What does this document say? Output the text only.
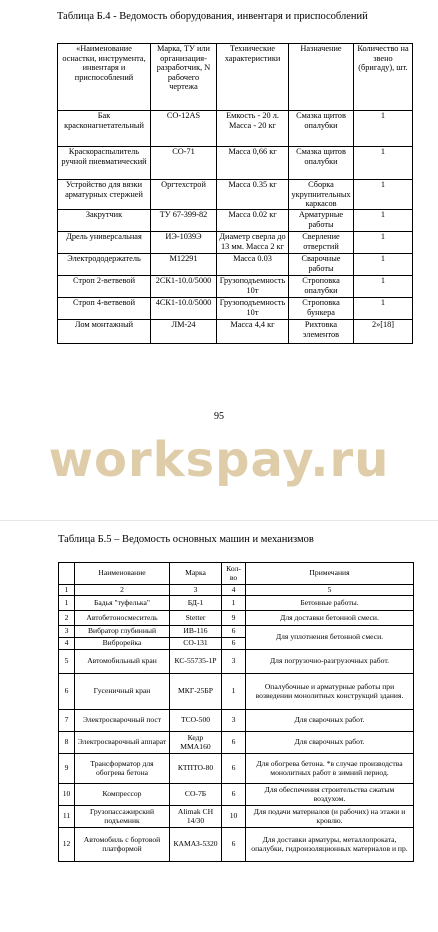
Таблица Б.4 - Ведомость оборудования, инвентаря и приспособлений
«Наименование оснастки, инструмента, инвентаря и приспособлений	Марка, ТУ или организация-разработчик, N рабочего чертежа	Технические характеристики	Назначение	Количество на звено (бригаду), шт.
Бак красконагнетательный	СО-12АS	Емкость - 20 л. Масса - 20 кг	Смазка щитов опалубки	1
Краскораспылитель ручной пневматический	СО-71	Масса 0,66 кг	Смазка щитов опалубки	1
Устройство для вязки арматурных стержней	Оргтехстрой	Масса 0.35 кг	Сборка укрупнительных каркасов	1
Закрутчик	ТУ 67-399-82	Масса 0.02 кг	Арматурные работы	1
Дрель универсальная	ИЭ-1039Э	Диаметр сверла до 13 мм. Масса 2 кг	Сверление отверстий	1
Электрододержатель	М12291	Масса 0.03	Сварочные работы	1
Строп 2-ветвевой	2СК1-10.0/5000	Грузоподъемность 10т	Строповка опалубки	1
Строп 4-ветвевой	4СК1-10.0/5000	Грузоподъемность 10т	Строповка бункера	1
Лом монтажный	ЛМ-24	Масса 4,4 кг	Рихтовка элементов	2»[18]
95
workspay.ru
Таблица Б.5 – Ведомость основных машин и механизмов
	Наименование	Марка	Кол-во	Примечания
1	2	3	4	5
1	Бадья "туфелька"	БД-1	1	Бетонные работы.
2	Автобетоносмеситель	Stetter	9	Для доставки бетонной смеси.
3	Вибратор глубинный	ИВ-116	6	Для уплотнения бетонной смеси.
4	Виброрейка	СО-131	6	
5	Автомобильный кран	КС-55735-1Р	3	Для погрузочно-разгрузочных работ.
6	Гусеничный кран	МКГ-25БР	1	Опалубочные и арматурные работы при возведении монолитных конструкций здания.
7	Электросварочный пост	ТСО-500	3	Для сварочных работ.
8	Электросварочный аппарат	Кедр ММА160	6	Для сварочных работ.
9	Трансформатор для обогрева бетона	КТПТО-80	6	Для обогрева бетона. *в случае производства монолитных работ в зимний период.
10	Компрессор	СО-7Б	6	Для обеспечения строительства сжатым воздухом.
11	Грузопассажирский подъемник	Alimak СН 14/30	10	Для подачи материалов (и рабочих) на этажи и кровлю.
12	Автомобиль с бортовой платформой	КАМАЗ-5320	6	Для доставки арматуры, металлопроката, опалубки, гидроизоляционных материалов и пр.
